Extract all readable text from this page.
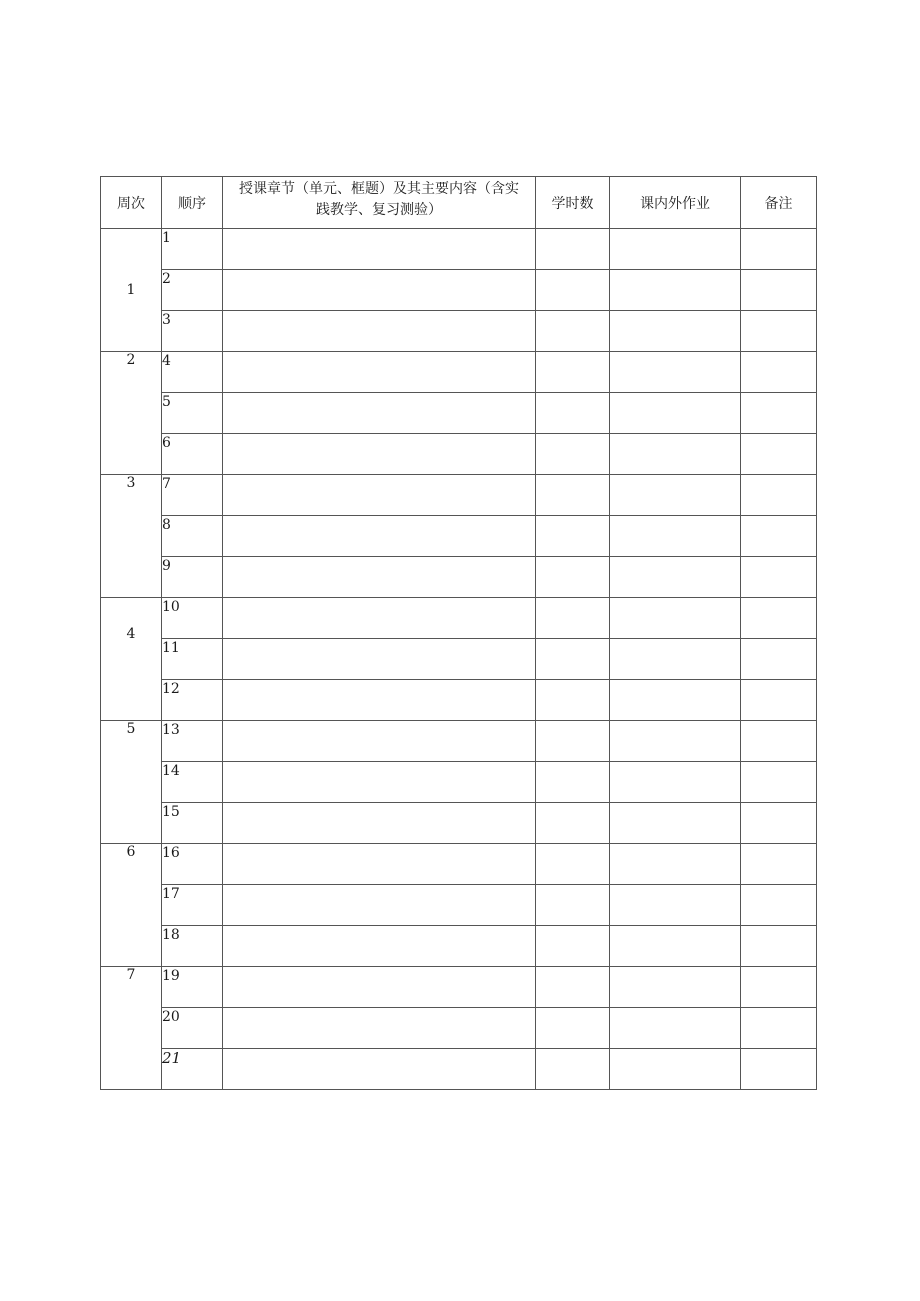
周次	顺序	授课章节（单元、框题）及其主要内容（含实
践教学、复习测验）	学时数	课内外作业	备注
1	1				
	2				
	3				
2	4				
	5				
	6				
3	7				
	8				
	9				
4	10				
	11				
	12				
5	13				
	14				
	15				
6	16				
	17				
	18				
7	19				
	20				
	21				
